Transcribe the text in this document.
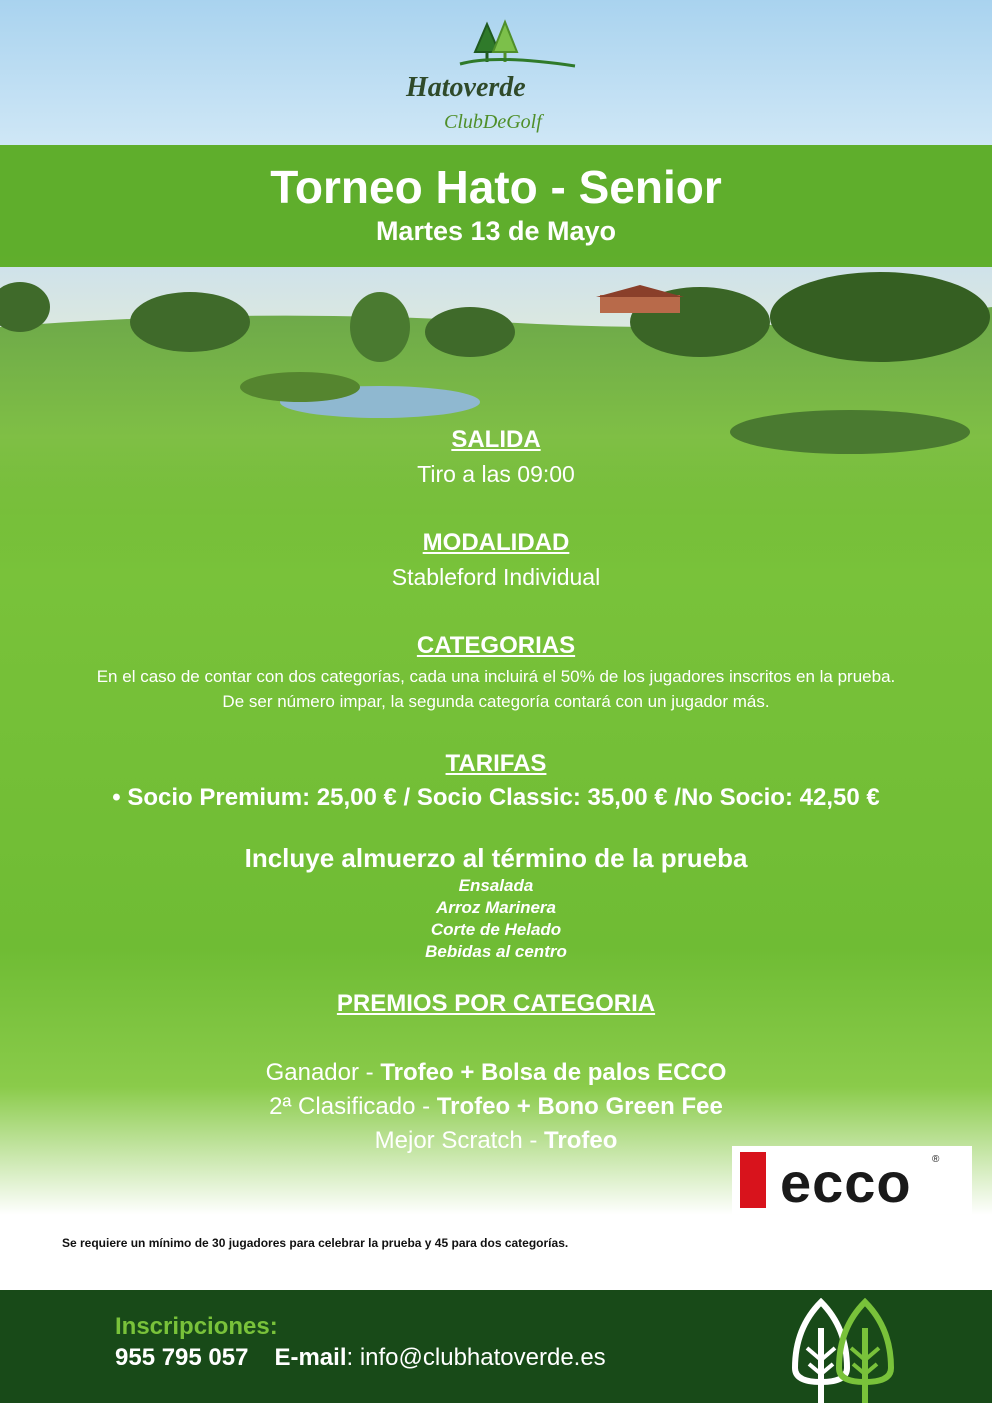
Hatoverde
ClubDeGolf
Torneo Hato - Senior
Martes 13 de Mayo
SALIDA
Tiro a las 09:00
MODALIDAD
Stableford Individual
CATEGORIAS
En el caso de contar con dos categorías, cada una incluirá el 50% de los jugadores inscritos en la prueba.
De ser número impar, la segunda categoría contará con un jugador más.
TARIFAS
• Socio Premium: 25,00 € / Socio Classic: 35,00 € /No Socio: 42,50 €
Incluye almuerzo al término de la prueba
Ensalada
Arroz Marinera
Corte de Helado
Bebidas al centro
PREMIOS POR CATEGORIA
Ganador - Trofeo + Bolsa de palos ECCO
2ª Clasificado - Trofeo + Bono Green Fee
Mejor Scratch - Trofeo
ecco ®
Se requiere un mínimo de 30 jugadores para celebrar la prueba y 45 para dos categorías.
Inscripciones:
955 795 057 E-mail: info@clubhatoverde.es
